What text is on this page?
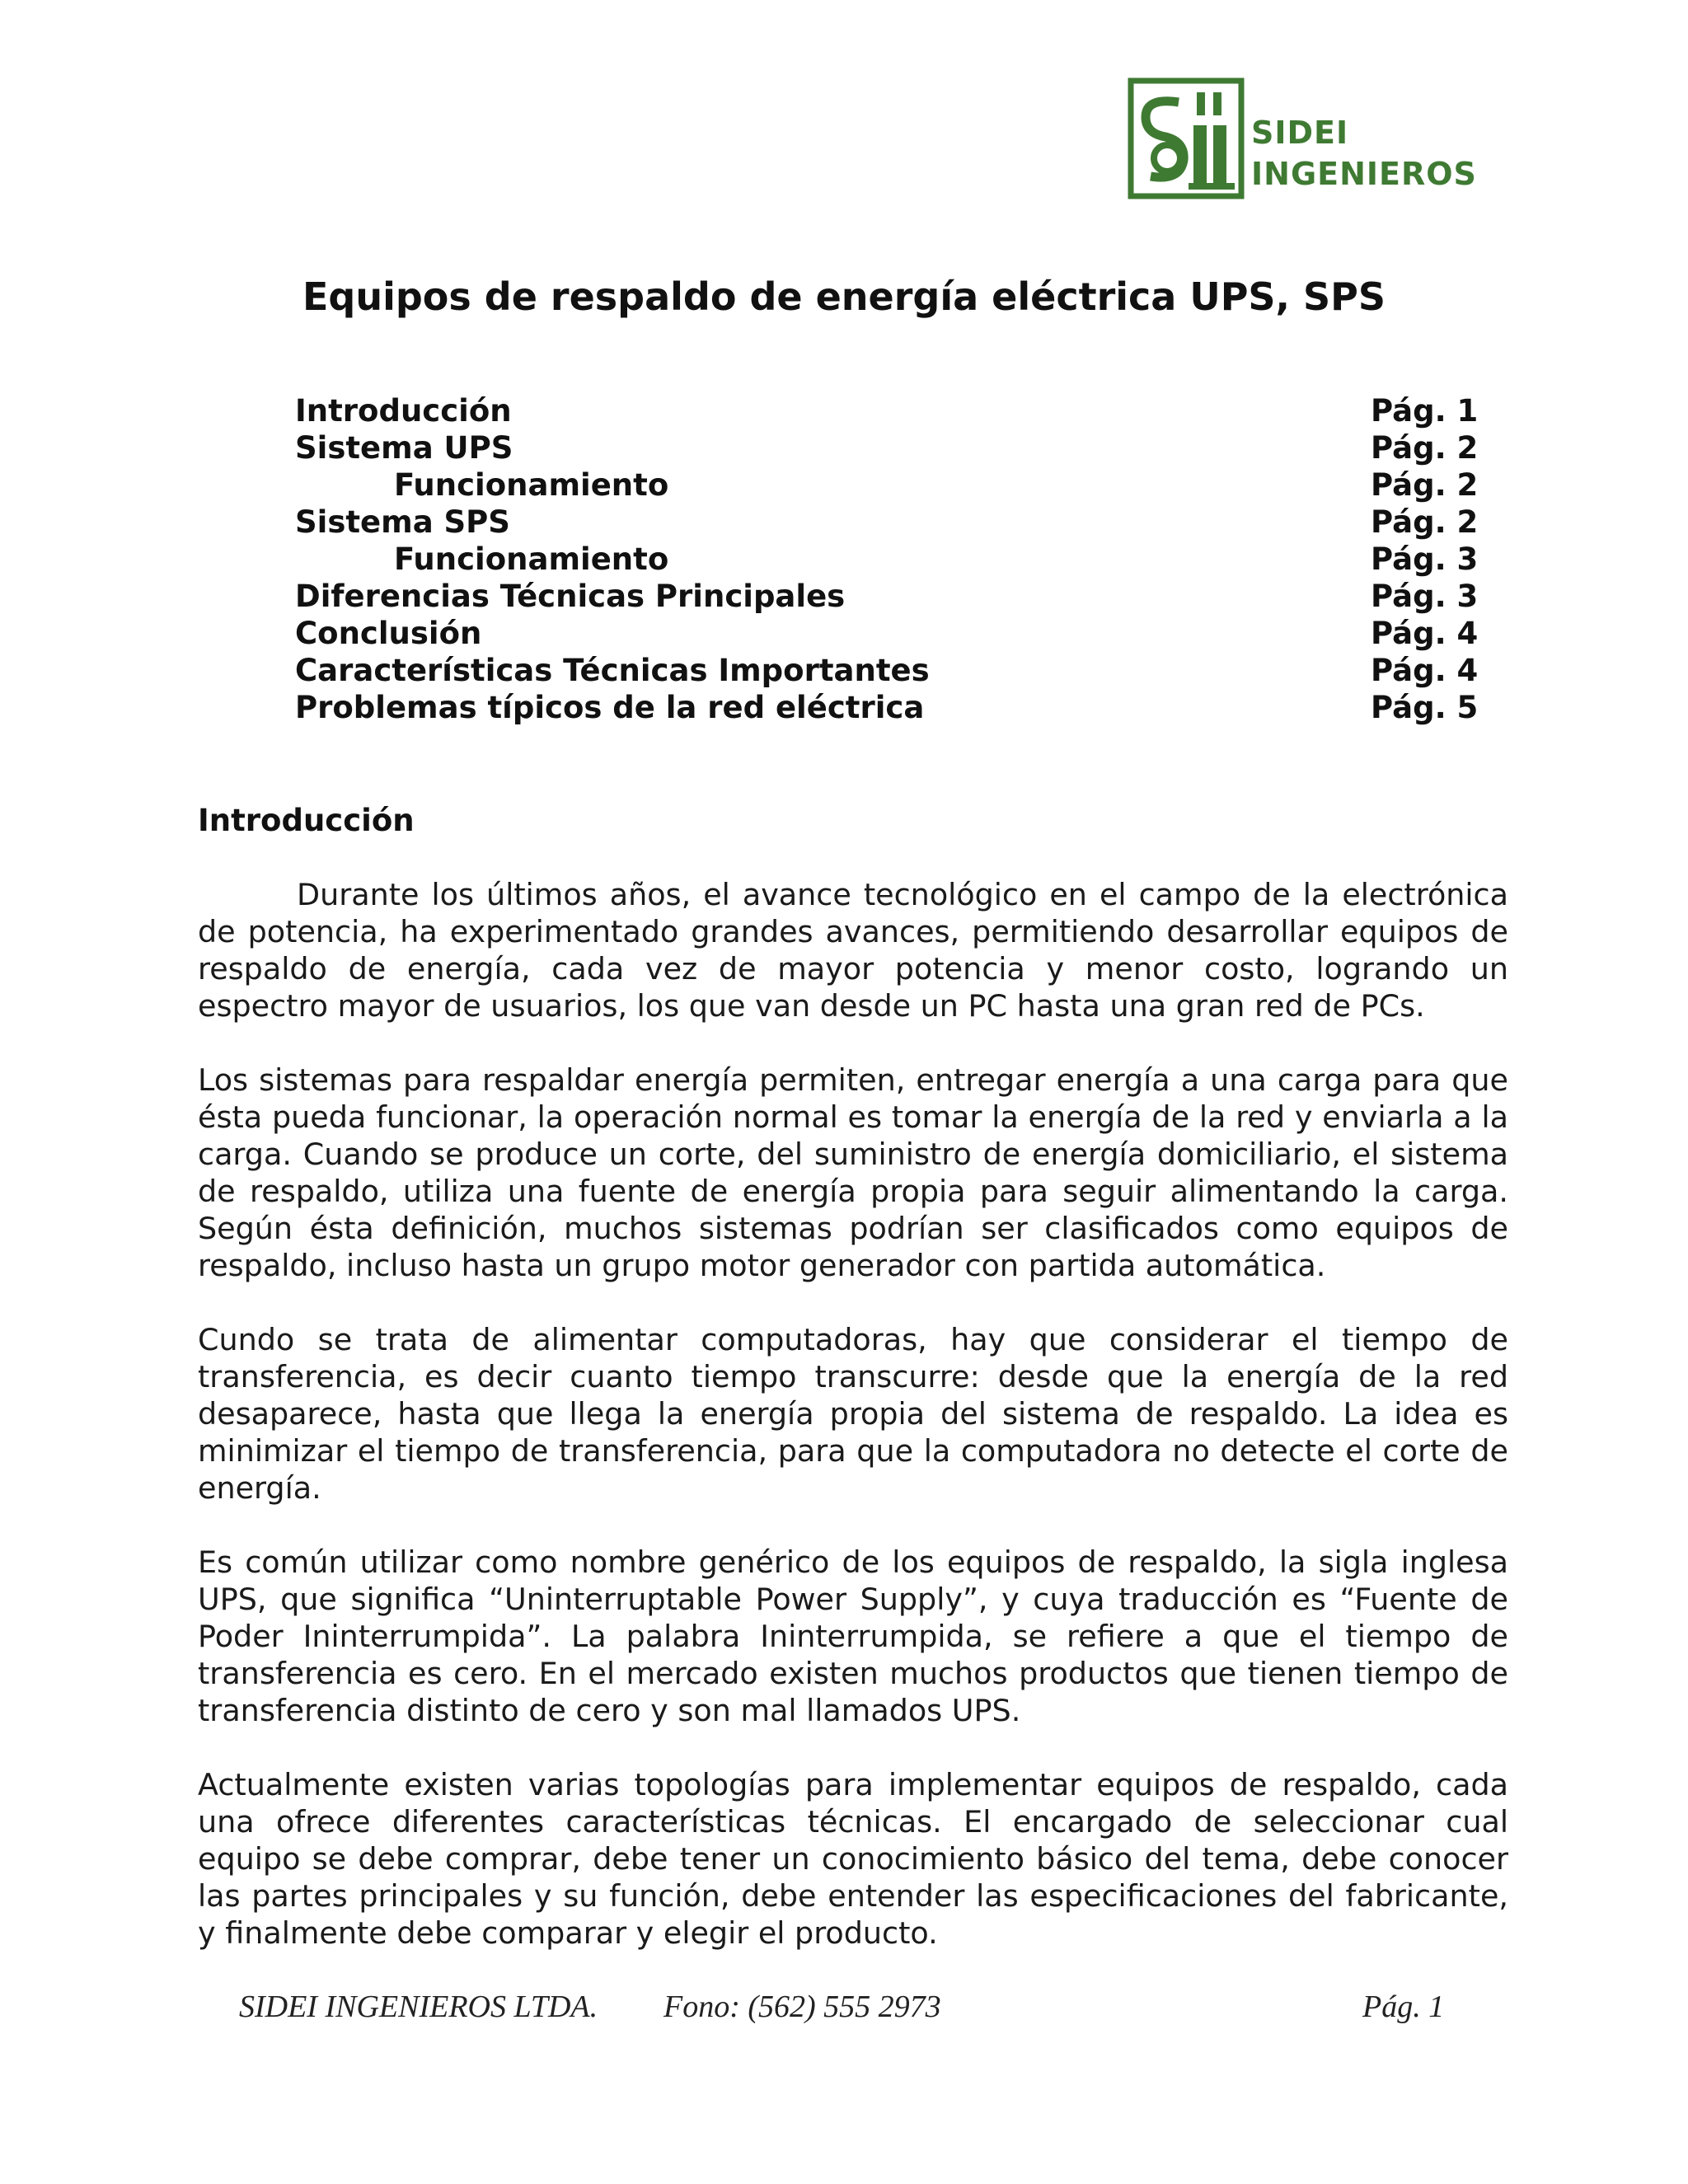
SIDEI
INGENIEROS
Equipos de respaldo de energía eléctrica UPS, SPS
Introducción	Pág. 1
Sistema UPS	Pág. 2
Funcionamiento	Pág. 2
Sistema SPS	Pág. 2
Funcionamiento	Pág. 3
Diferencias Técnicas Principales	Pág. 3
Conclusión	Pág. 4
Características Técnicas Importantes	Pág. 4
Problemas típicos de la red eléctrica	Pág. 5
Introducción

Durante los últimos años, el avance tecnológico en el campo de la electrónica de potencia, ha experimentado grandes avances, permitiendo desarrollar equipos de respaldo de energía, cada vez de mayor potencia y menor costo, logrando un espectro mayor de usuarios, los que van desde un PC hasta una gran red de PCs.

Los sistemas para respaldar energía permiten, entregar energía a una carga para que ésta pueda funcionar, la operación normal es tomar la energía de la red y enviarla a la carga. Cuando se produce un corte, del suministro de energía domiciliario, el sistema de respaldo, utiliza una fuente de energía propia para seguir alimentando la carga. Según ésta definición, muchos sistemas podrían ser clasificados como equipos de respaldo, incluso hasta un grupo motor generador con partida automática.

Cundo se trata de alimentar computadoras, hay que considerar el tiempo de transferencia, es decir cuanto tiempo transcurre: desde que la energía de la red desaparece, hasta que llega la energía propia del sistema de respaldo. La idea es minimizar el tiempo de transferencia, para que la computadora no detecte el corte de energía.

Es común utilizar como nombre genérico de los equipos de respaldo, la sigla inglesa UPS, que significa “Uninterruptable Power Supply”, y cuya traducción es “Fuente de Poder Ininterrumpida”. La palabra Ininterrumpida, se refiere a que el tiempo de transferencia es cero. En el mercado existen muchos productos que tienen tiempo de transferencia distinto de cero y son mal llamados UPS.

Actualmente existen varias topologías para implementar equipos de respaldo, cada una ofrece diferentes características técnicas. El encargado de seleccionar cual equipo se debe comprar, debe tener un conocimiento básico del tema, debe conocer las partes principales y su función, debe entender las especificaciones del fabricante, y finalmente debe comparar y elegir el producto.

SIDEI INGENIEROS LTDA. Fono: (562) 555 2973	Pág. 1
